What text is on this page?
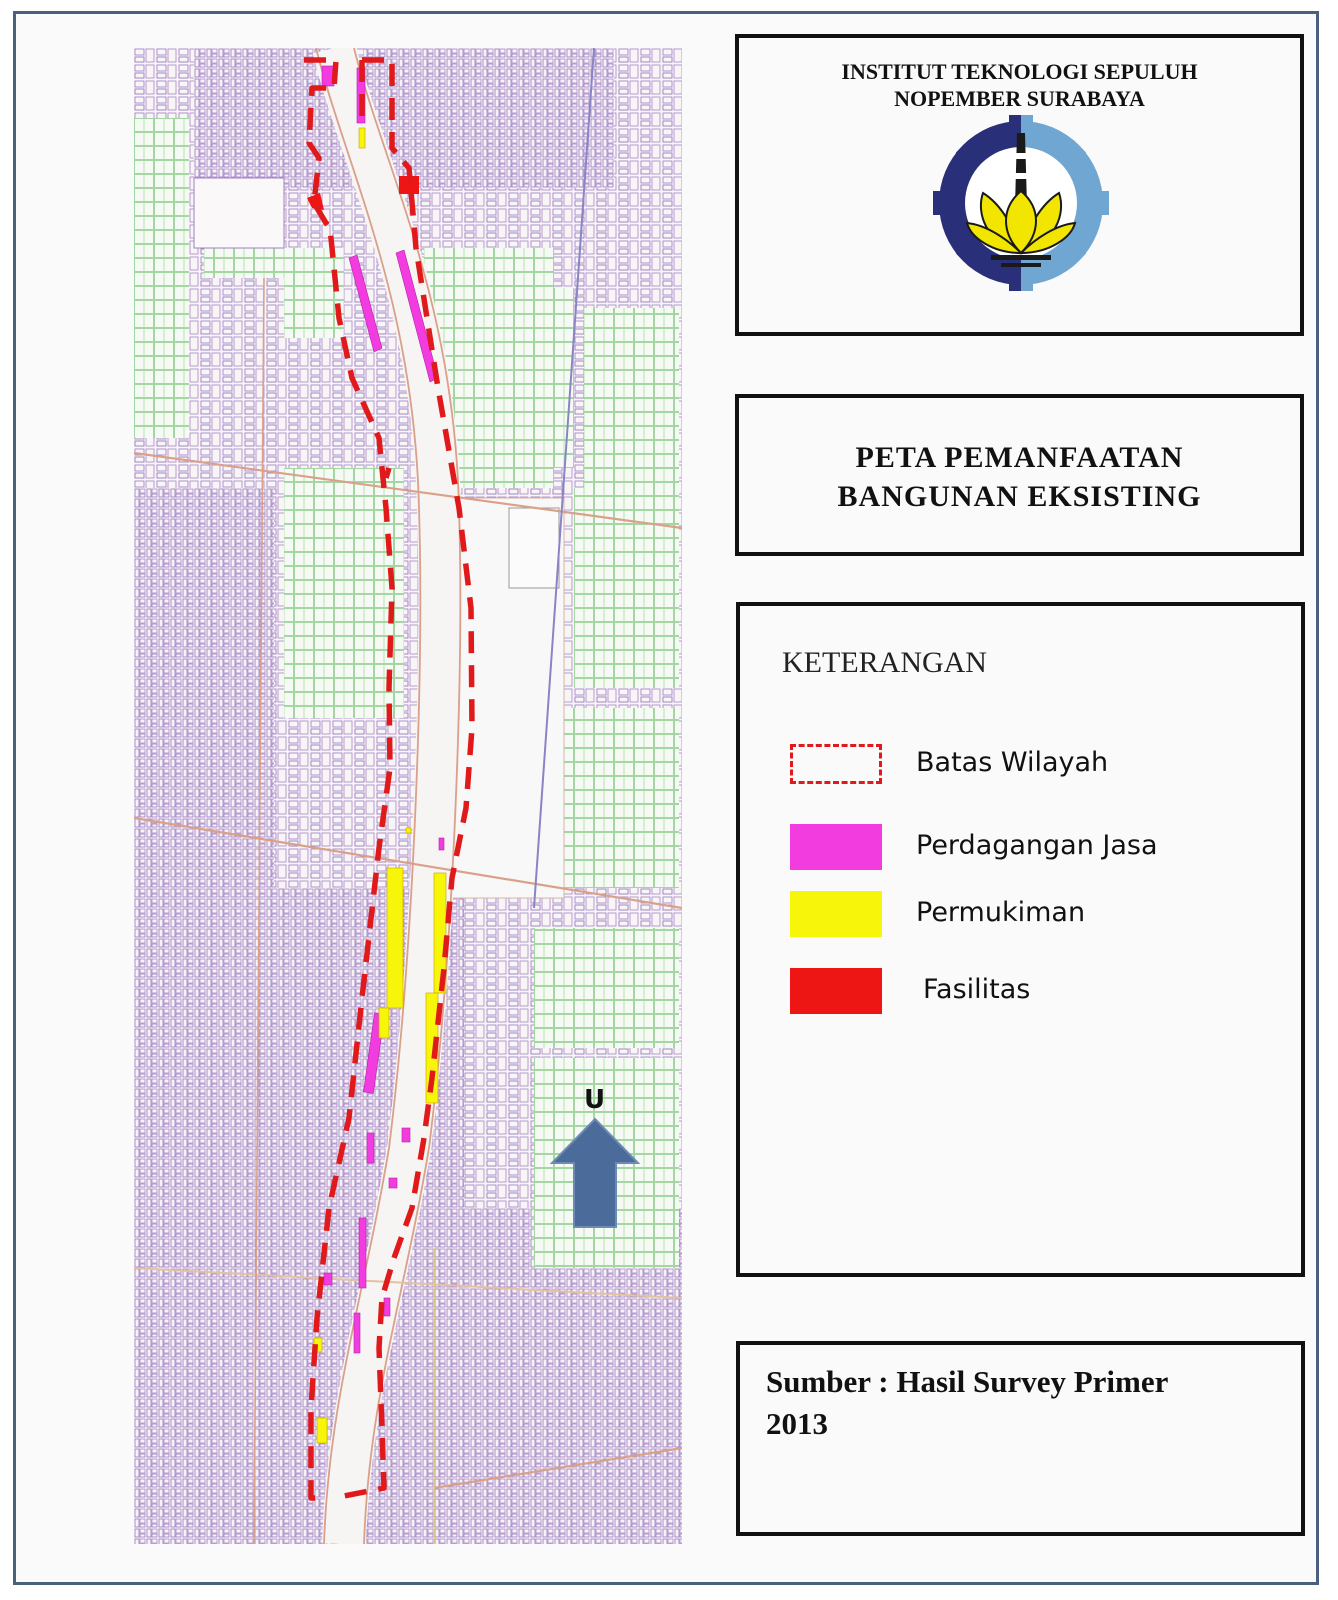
U
INSTITUT TEKNOLOGI SEPULUH
NOPEMBER SURABAYA
PETA PEMANFAATAN
BANGUNAN EKSISTING
KETERANGAN
Batas Wilayah
Perdagangan Jasa
Permukiman
Fasilitas
Sumber : Hasil Survey Primer
2013
